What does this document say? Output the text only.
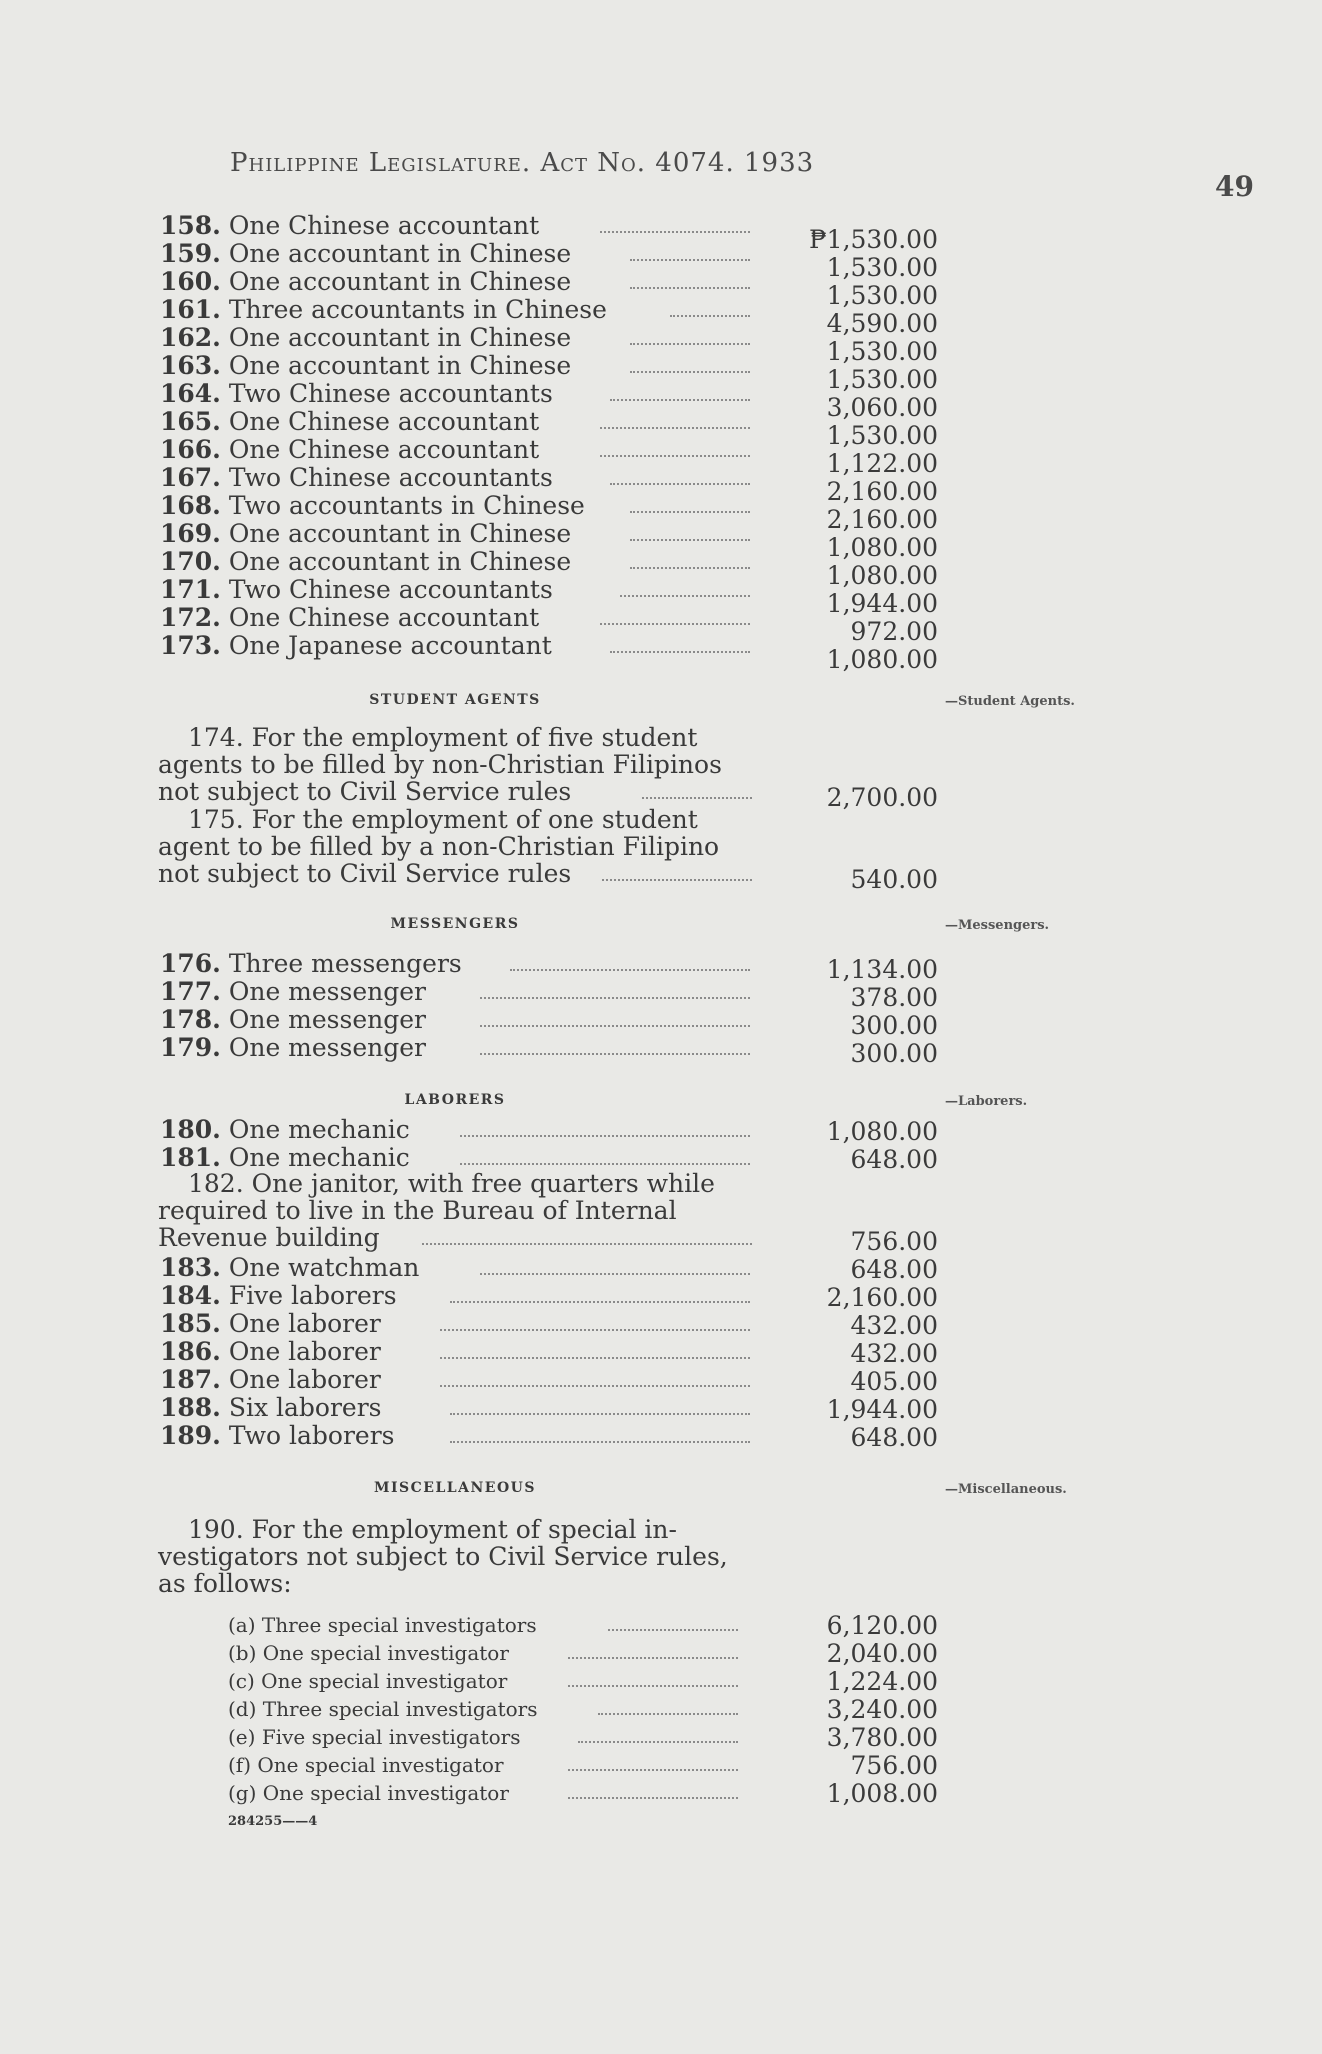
Philippine Legislature. Act No. 4074. 1933
49
158. One Chinese accountant	₱1,530.00
159. One accountant in Chinese	1,530.00
160. One accountant in Chinese	1,530.00
161. Three accountants in Chinese	4,590.00
162. One accountant in Chinese	1,530.00
163. One accountant in Chinese	1,530.00
164. Two Chinese accountants	3,060.00
165. One Chinese accountant	1,530.00
166. One Chinese accountant	1,122.00
167. Two Chinese accountants	2,160.00
168. Two accountants in Chinese	2,160.00
169. One accountant in Chinese	1,080.00
170. One accountant in Chinese	1,080.00
171. Two Chinese accountants	1,944.00
172. One Chinese accountant	972.00
173. One Japanese accountant	1,080.00
STUDENT AGENTS	—Student Agents.
174. For the employment of five student
agents to be filled by non-Christian Filipinos
not subject to Civil Service rules	2,700.00
175. For the employment of one student
agent to be filled by a non-Christian Filipino
not subject to Civil Service rules	540.00
MESSENGERS	—Messengers.
176. Three messengers	1,134.00
177. One messenger	378.00
178. One messenger	300.00
179. One messenger	300.00
LABORERS	—Laborers.
180. One mechanic	1,080.00
181. One mechanic	648.00
182. One janitor, with free quarters while
required to live in the Bureau of Internal
Revenue building	756.00
183. One watchman	648.00
184. Five laborers	2,160.00
185. One laborer	432.00
186. One laborer	432.00
187. One laborer	405.00
188. Six laborers	1,944.00
189. Two laborers	648.00
MISCELLANEOUS	—Miscellaneous.
190. For the employment of special in-
vestigators not subject to Civil Service rules,
as follows:
(a) Three special investigators	6,120.00
(b) One special investigator	2,040.00
(c) One special investigator	1,224.00
(d) Three special investigators	3,240.00
(e) Five special investigators	3,780.00
(f) One special investigator	756.00
(g) One special investigator	1,008.00
284255——4
